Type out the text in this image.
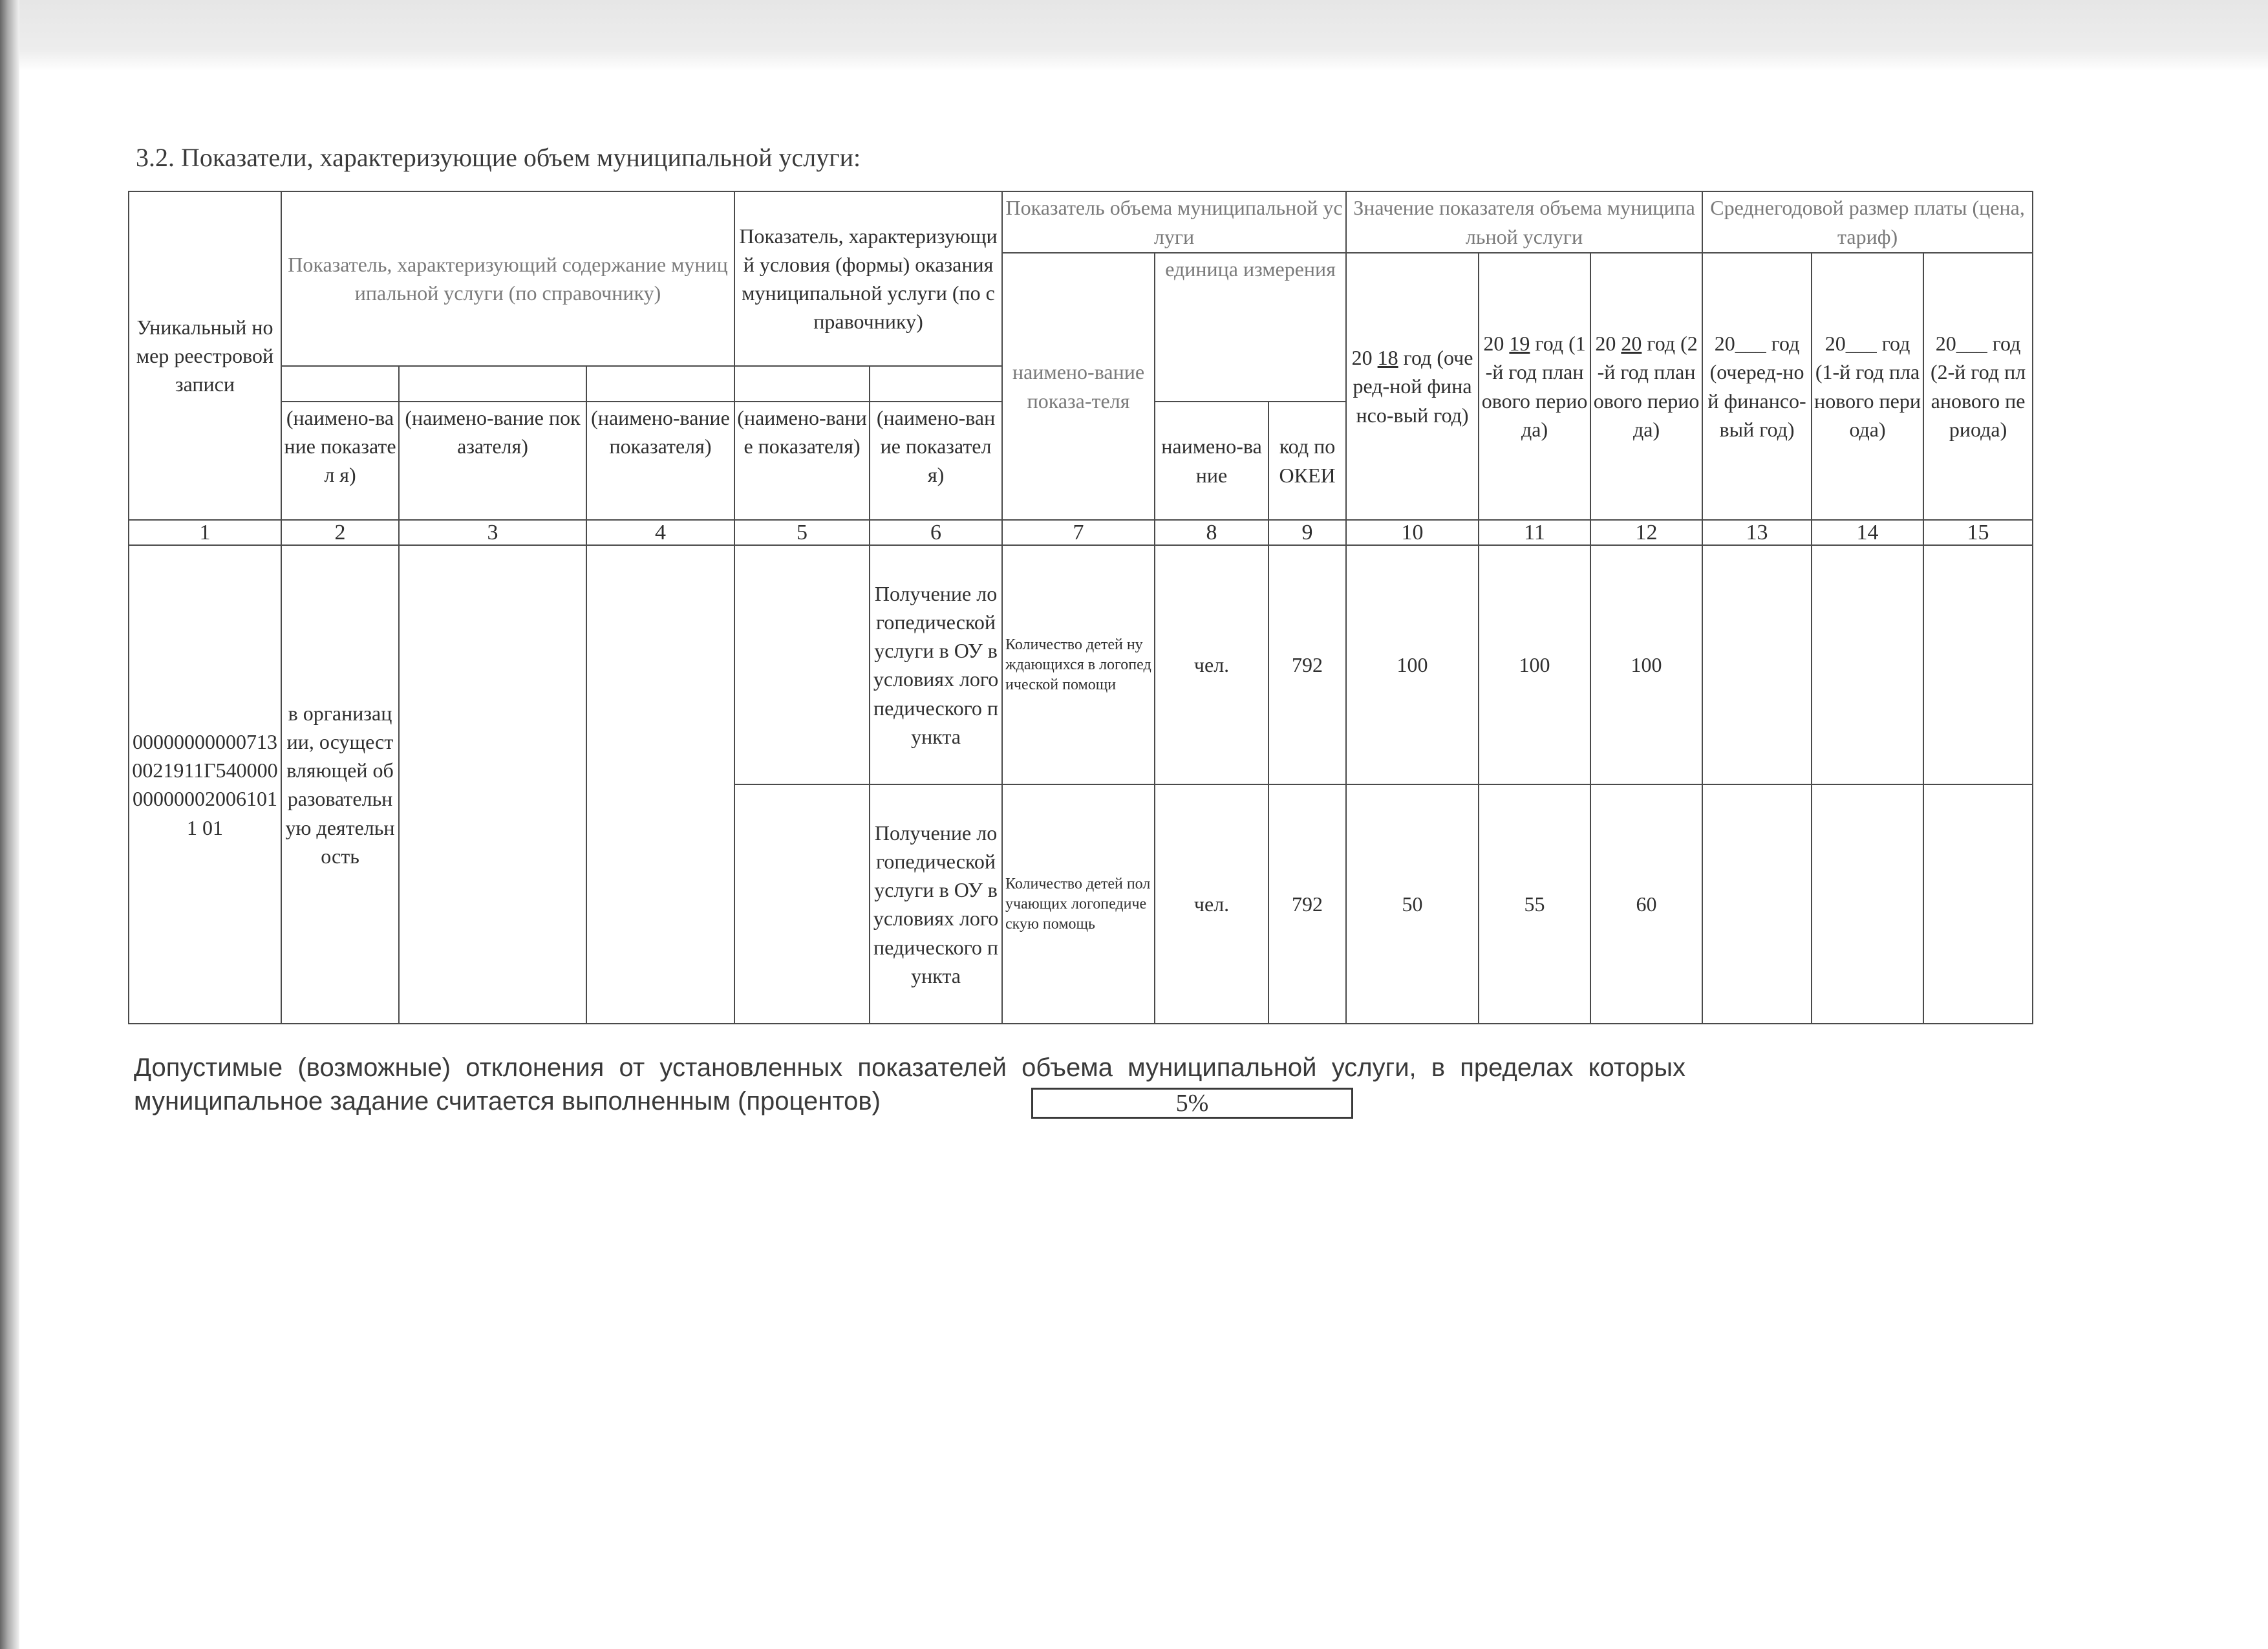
3.2. Показатели, характеризующие объем муниципальной услуги:
Уникальный номер реестровой записи	Показатель, характеризующий содержание муниципальной услуги (по справочнику)			Показатель, характеризующий условия (формы) оказания муниципальной услуги (по справочнику)		Показатель объема муниципальной услуги			Значение показателя объема муниципальной услуги			Среднегодовой размер платы (цена, тариф)		
						наимено-вание показа-теля	единица измерения		20 18 год (очеред-ной финансо-вый год)	20 19 год (1-й год планового периода)	20 20 год (2-й год планового периода)	20___ год (очеред-ной финансо-вый год)	20___ год (1-й год планового периода)	20___ год (2-й год планового периода)

	(наимено-вание показател я)	(наимено-вание показателя)	(наимено-вание показателя)	(наимено-вание показателя)	(наимено-вание показателя)		наимено-вание	код по ОКЕИ						
1	2	3	4	5	6	7	8	9	10	11	12	13	14	15
000000000007130021911Г540000000000020061011 01	в организации, осуществляющей образовательную деятельность				Получение логопедической услуги в ОУ в условиях логопедического пункта	Количество детей нуждающихся в логопедической помощи	чел.	792	100	100	100			
					Получение логопедической услуги в ОУ в условиях логопедического пункта	Количество детей получающих логопедическую помощь	чел.	792	50	55	60			
Допустимые (возможные) отклонения от установленных показателей объема муниципальной услуги, в пределах которых
муниципальное задание считается выполненным (процентов)	5%
